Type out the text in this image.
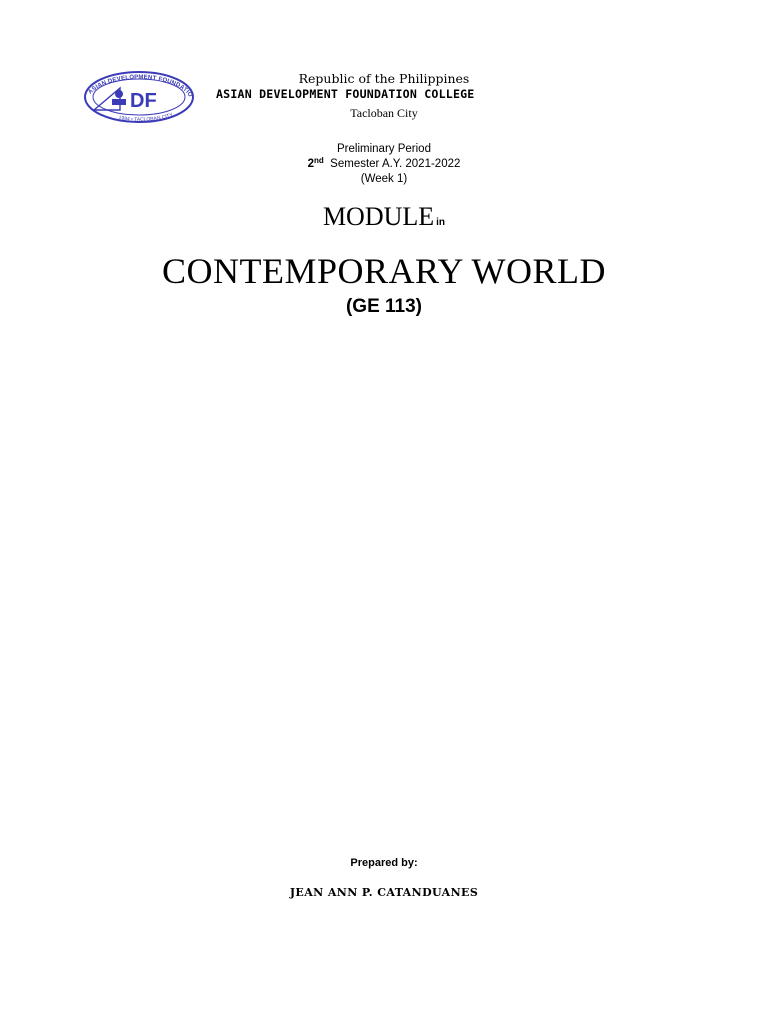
ASIAN DEVELOPMENT FOUNDATIO
1984 • TACLOBAN CITY
DF
Republic of the Philippines
ASIAN DEVELOPMENT FOUNDATION COLLEGE
Tacloban City
Preliminary Period
2nd Semester A.Y. 2021-2022
(Week 1)
MODULE in
CONTEMPORARY WORLD
(GE 113)
Prepared by:
JEAN ANN P. CATANDUANES
